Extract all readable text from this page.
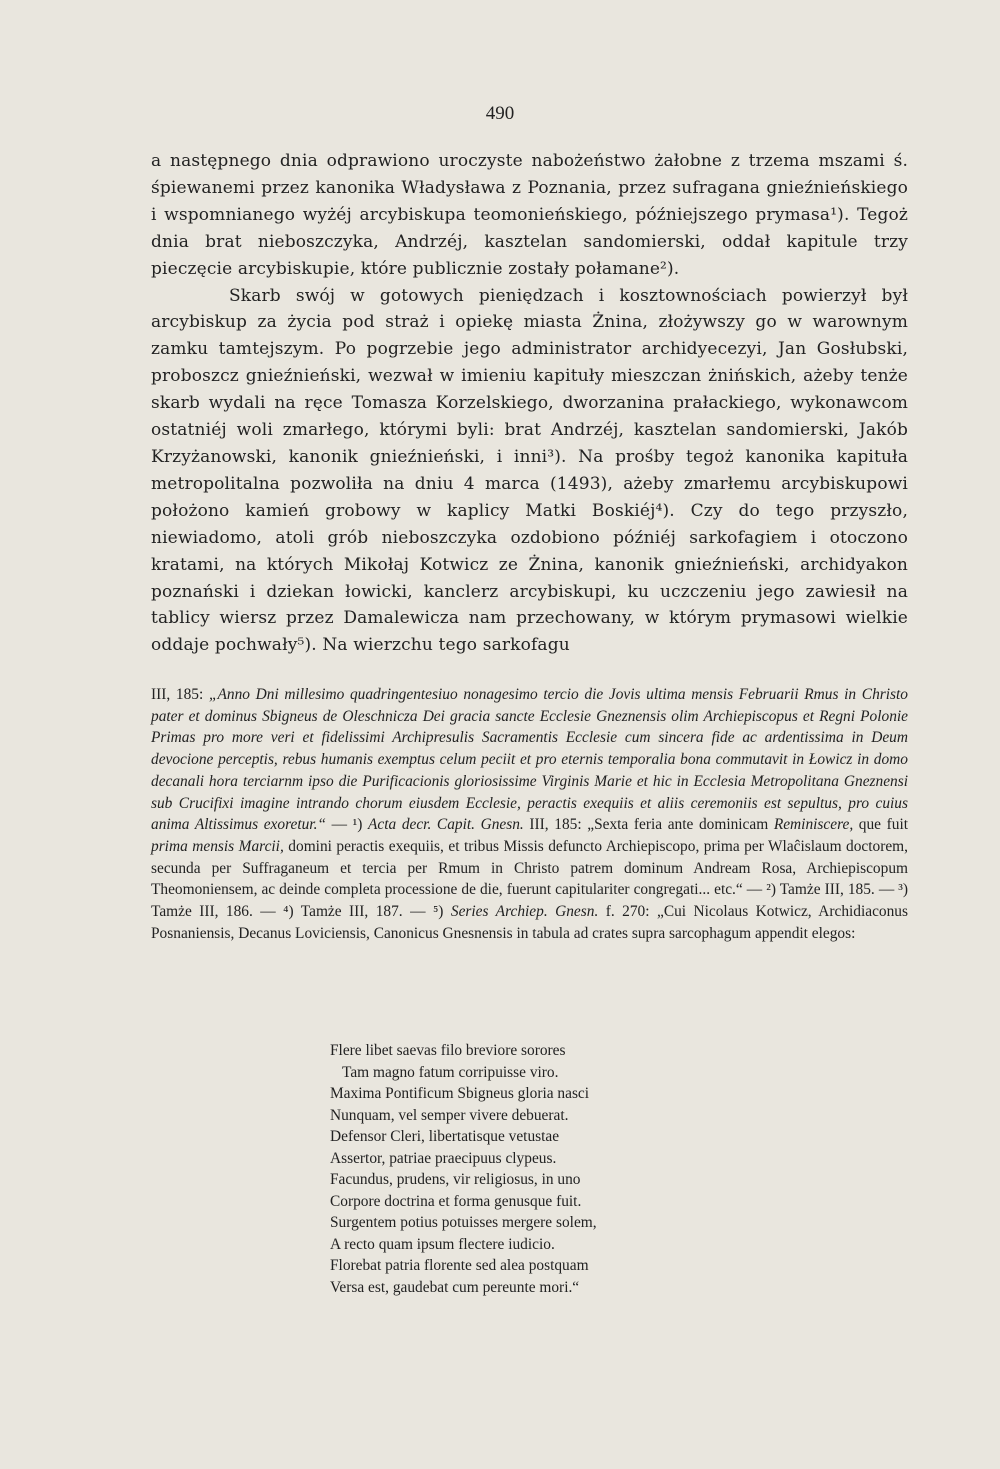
490

a następnego dnia odprawiono uroczyste nabożeństwo żałobne z trzema mszami ś. śpiewanemi przez kanonika Władysława z Poznania, przez sufragana gnieźnieńskiego i wspomnianego wyżéj arcybiskupa teomonieńskiego, późniejszego prymasa¹). Tegoż dnia brat nieboszczyka, Andrzéj, kasztelan sandomierski, oddał kapitule trzy pieczęcie arcybiskupie, które publicznie zostały połamane²).

Skarb swój w gotowych pieniędzach i kosztownościach powierzył był arcybiskup za życia pod straż i opiekę miasta Żnina, złożywszy go w warownym zamku tamtejszym. Po pogrzebie jego administrator archidyecezyi, Jan Gosłubski, proboszcz gnieźnieński, wezwał w imieniu kapituły mieszczan żnińskich, ażeby tenże skarb wydali na ręce Tomasza Korzelskiego, dworzanina prałackiego, wykonawcom ostatniéj woli zmarłego, którymi byli: brat Andrzéj, kasztelan sandomierski, Jakób Krzyżanowski, kanonik gnieźnieński, i inni³). Na prośby tegoż kanonika kapituła metropolitalna pozwoliła na dniu 4 marca (1493), ażeby zmarłemu arcybiskupowi położono kamień grobowy w kaplicy Matki Boskiéj⁴). Czy do tego przyszło, niewiadomo, atoli grób nieboszczyka ozdobiono późniéj sarkofagiem i otoczono kratami, na których Mikołaj Kotwicz ze Żnina, kanonik gnieźnieński, archidyakon poznański i dziekan łowicki, kanclerz arcybiskupi, ku uczczeniu jego zawiesił na tablicy wiersz przez Damalewicza nam przechowany, w którym prymasowi wielkie oddaje pochwały⁵). Na wierzchu tego sarkofagu

III, 185: „Anno Dni millesimo quadringentesiuo nonagesimo tercio die Jovis ultima mensis Februarii Rmus in Christo pater et dominus Sbigneus de Oleschnicza Dei gracia sancte Ecclesie Gneznensis olim Archiepiscopus et Regni Polonie Primas pro more veri et fidelissimi Archipresulis Sacramentis Ecclesie cum sincera fide ac ardentissima in Deum devocione perceptis, rebus humanis exemptus celum peciit et pro eternis temporalia bona commutavit in Łowicz in domo decanali hora terciarnm ipso die Purificacionis gloriosissime Virginis Marie et hic in Ecclesia Metropolitana Gneznensi sub Crucifixi imagine intrando chorum eiusdem Ecclesie, peractis exequiis et aliis ceremoniis est sepultus, pro cuius anima Altissimus exoretur.“ — ¹) Acta decr. Capit. Gnesn. III, 185: „Sexta feria ante dominicam Reminiscere, que fuit prima mensis Marcii, domini peractis exequiis, et tribus Missis defuncto Archiepiscopo, prima per Wlaĉislaum doctorem, secunda per Suffraganeum et tercia per Rmum in Christo patrem dominum Andream Rosa, Archiepiscopum Theomoniensem, ac deinde completa processione de die, fuerunt capitulariter congregati... etc.“ — ²) Tamże III, 185. — ³) Tamże III, 186. — ⁴) Tamże III, 187. — ⁵) Series Archiep. Gnesn. f. 270: „Cui Nicolaus Kotwicz, Archidiaconus Posnaniensis, Decanus Loviciensis, Canonicus Gnesnensis in tabula ad crates supra sarcophagum appendit elegos:

Flere libet saevas filo breviore sorores
Tam magno fatum corripuisse viro.
Maxima Pontificum Sbigneus gloria nasci
Nunquam, vel semper vivere debuerat.
Defensor Cleri, libertatisque vetustae
Assertor, patriae praecipuus clypeus.
Facundus, prudens, vir religiosus, in uno
Corpore doctrina et forma genusque fuit.
Surgentem potius potuisses mergere solem,
A recto quam ipsum flectere iudicio.
Florebat patria florente sed alea postquam
Versa est, gaudebat cum pereunte mori.“
